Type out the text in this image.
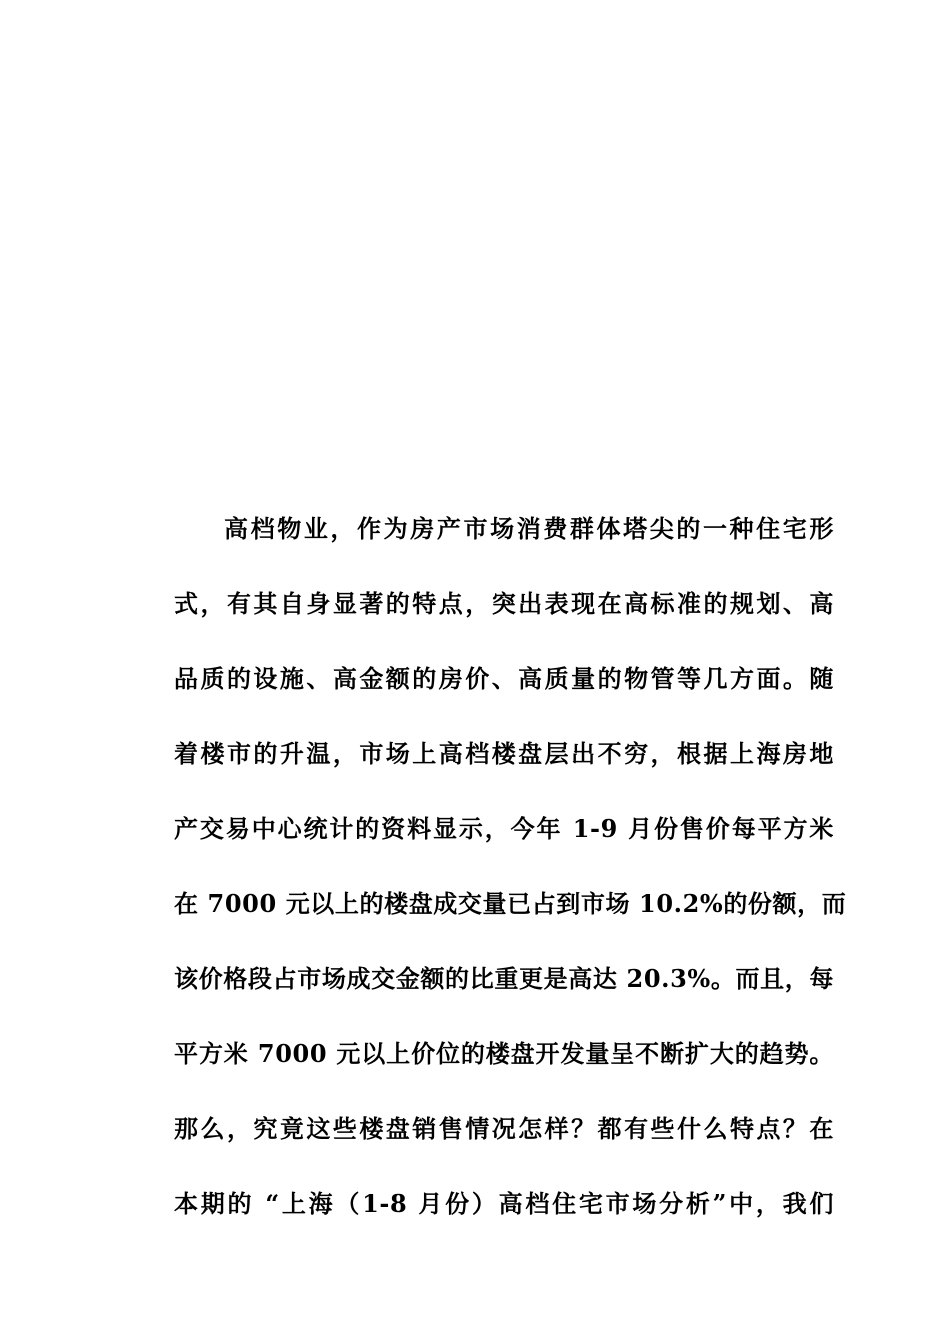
高档物业，作为房产市场消费群体塔尖的一种住宅形
式，有其自身显著的特点，突出表现在高标准的规划、高
品质的设施、高金额的房价、高质量的物管等几方面。随
着楼市的升温，市场上高档楼盘层出不穷，根据上海房地
产交易中心统计的资料显示，今年 1-9 月份售价每平方米
在 7000 元以上的楼盘成交量已占到市场 10.2%的份额，而
该价格段占市场成交金额的比重更是高达 20.3%。而且，每
平方米 7000 元以上价位的楼盘开发量呈不断扩大的趋势。
那么，究竟这些楼盘销售情况怎样？都有些什么特点？在
本期的 “上海（1-8 月份）高档住宅市场分析”中，我们
